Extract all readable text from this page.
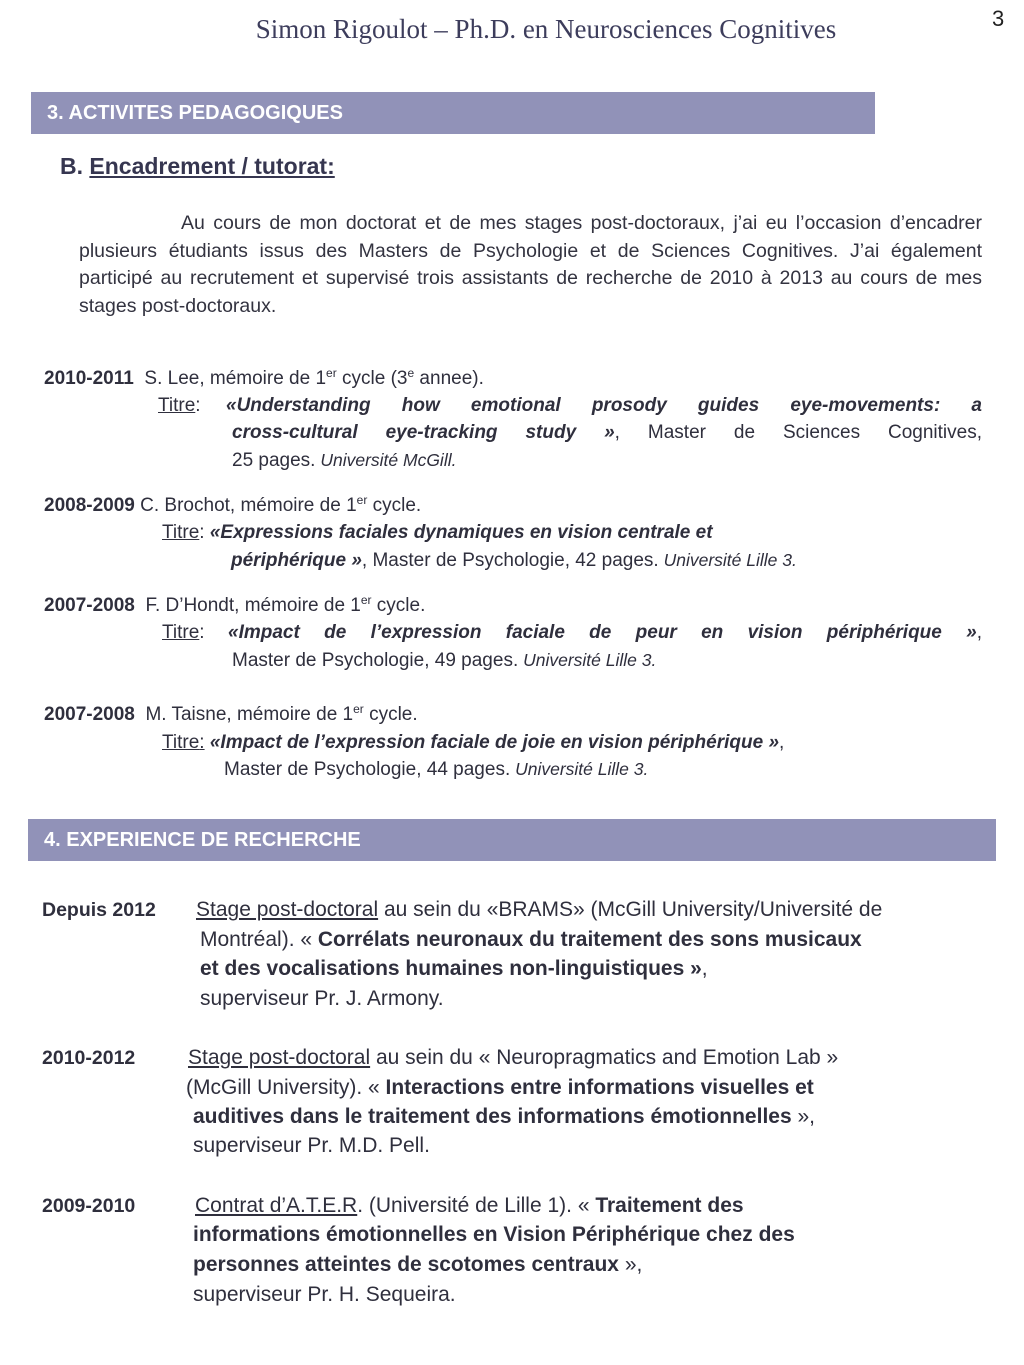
Simon Rigoulot – Ph.D. en Neurosciences Cognitives	3
3. ACTIVITES PEDAGOGIQUES
B. Encadrement / tutorat:
Au cours de mon doctorat et de mes stages post-doctoraux, j’ai eu l’occasion d’encadrer plusieurs étudiants issus des Masters de Psychologie et de Sciences Cognitives. J’ai également participé au recrutement et supervisé trois assistants de recherche de 2010 à 2013 au cours de mes stages post-doctoraux.
2010-2011 S. Lee, mémoire de 1er cycle (3e annee).
Titre: «Understanding how emotional prosody guides eye-movements: a
cross-cultural eye-tracking study », Master de Sciences Cognitives,
25 pages. Université McGill.
2008-2009 C. Brochot, mémoire de 1er cycle.
Titre: «Expressions faciales dynamiques en vision centrale et
périphérique », Master de Psychologie, 42 pages. Université Lille 3.
2007-2008 F. D’Hondt, mémoire de 1er cycle.
Titre: «Impact de l’expression faciale de peur en vision périphérique »,
Master de Psychologie, 49 pages. Université Lille 3.
2007-2008 M. Taisne, mémoire de 1er cycle.
Titre: «Impact de l’expression faciale de joie en vision périphérique »,
Master de Psychologie, 44 pages. Université Lille 3.
4. EXPERIENCE DE RECHERCHE
Depuis 2012 Stage post-doctoral au sein du «BRAMS» (McGill University/Université de
Montréal). « Corrélats neuronaux du traitement des sons musicaux
et des vocalisations humaines non-linguistiques »,
superviseur Pr. J. Armony.
2010-2012	Stage post-doctoral au sein du « Neuropragmatics and Emotion Lab »
(McGill University). « Interactions entre informations visuelles et
auditives dans le traitement des informations émotionnelles »,
superviseur Pr. M.D. Pell.
2009-2010	Contrat d’A.T.E.R. (Université de Lille 1). « Traitement des
informations émotionnelles en Vision Périphérique chez des
personnes atteintes de scotomes centraux »,
superviseur Pr. H. Sequeira.
